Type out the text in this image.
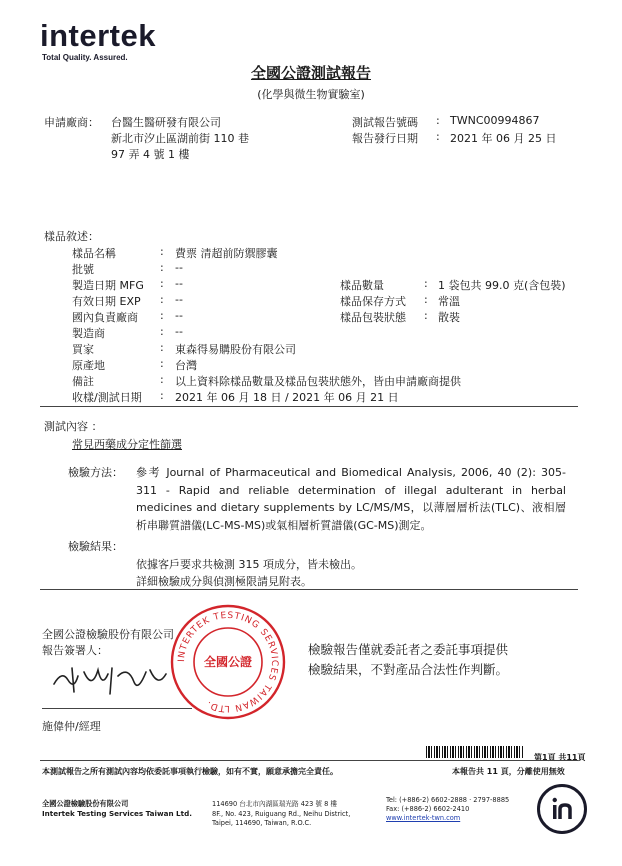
intertek
Total Quality. Assured.
全國公證測試報告
(化學與微生物實驗室)
申請廠商： 台醫生醫研發有限公司
新北市汐止區湖前街 110 巷
97 弄 4 號 1 樓
測試報告號碼 : TWNC00994867
報告發行日期 : 2021 年 06 月 25 日
樣品敘述：
樣品名稱	: 費票 清超前防禦膠囊
批號	: --
製造日期 MFG : --
有效日期 EXP : --
國內負責廠商 : --
製造商	: --
買家	: 東森得易購股份有限公司
原產地	: 台灣
備註	: 以上資料除樣品數量及樣品包裝狀態外，皆由申請廠商提供
收樣/測試日期 : 2021 年 06 月 18 日 / 2021 年 06 月 21 日
樣品數量	: 1 袋包共 99.0 克(含包裝)
樣品保存方式 : 常溫
樣品包裝狀態 : 散裝
測試內容 ：
常見西藥成分定性篩選
檢驗方法： 參考 Journal of Pharmaceutical and Biomedical Analysis, 2006, 40 (2): 305-311 - Rapid and reliable determination of illegal adulterant in herbal medicines and dietary supplements by LC/MS/MS，以薄層層析法(TLC)、液相層析串聯質譜儀(LC-MS-MS)或氣相層析質譜儀(GC-MS)測定。
檢驗結果：
依據客戶要求共檢測 315 項成分，皆未檢出。
詳細檢驗成分與偵測極限請見附表。
全國公證檢驗股份有限公司
報告簽署人：
施偉仲/經理
INTERTEK TESTING SERVICES TAIWAN LTD.
全國公證
檢驗報告僅就委託者之委託事項提供
檢驗結果，不對產品合法性作判斷。
第1頁 共11頁
本測試報告之所有測試內容均依委託事項執行檢驗，如有不實，願意承擔完全責任。	本報告共 11 頁，分離使用無效
全國公證檢驗股份有限公司
Intertek Testing Services Taiwan Ltd.
114690 台北市內湖區瑞光路 423 號 8 樓
8F., No. 423, Ruiguang Rd., Neihu District,
Taipei, 114690, Taiwan, R.O.C.
Tel: (+886-2) 6602-2888 · 2797-8885
Fax: (+886-2) 6602-2410
www.intertek-twn.com
